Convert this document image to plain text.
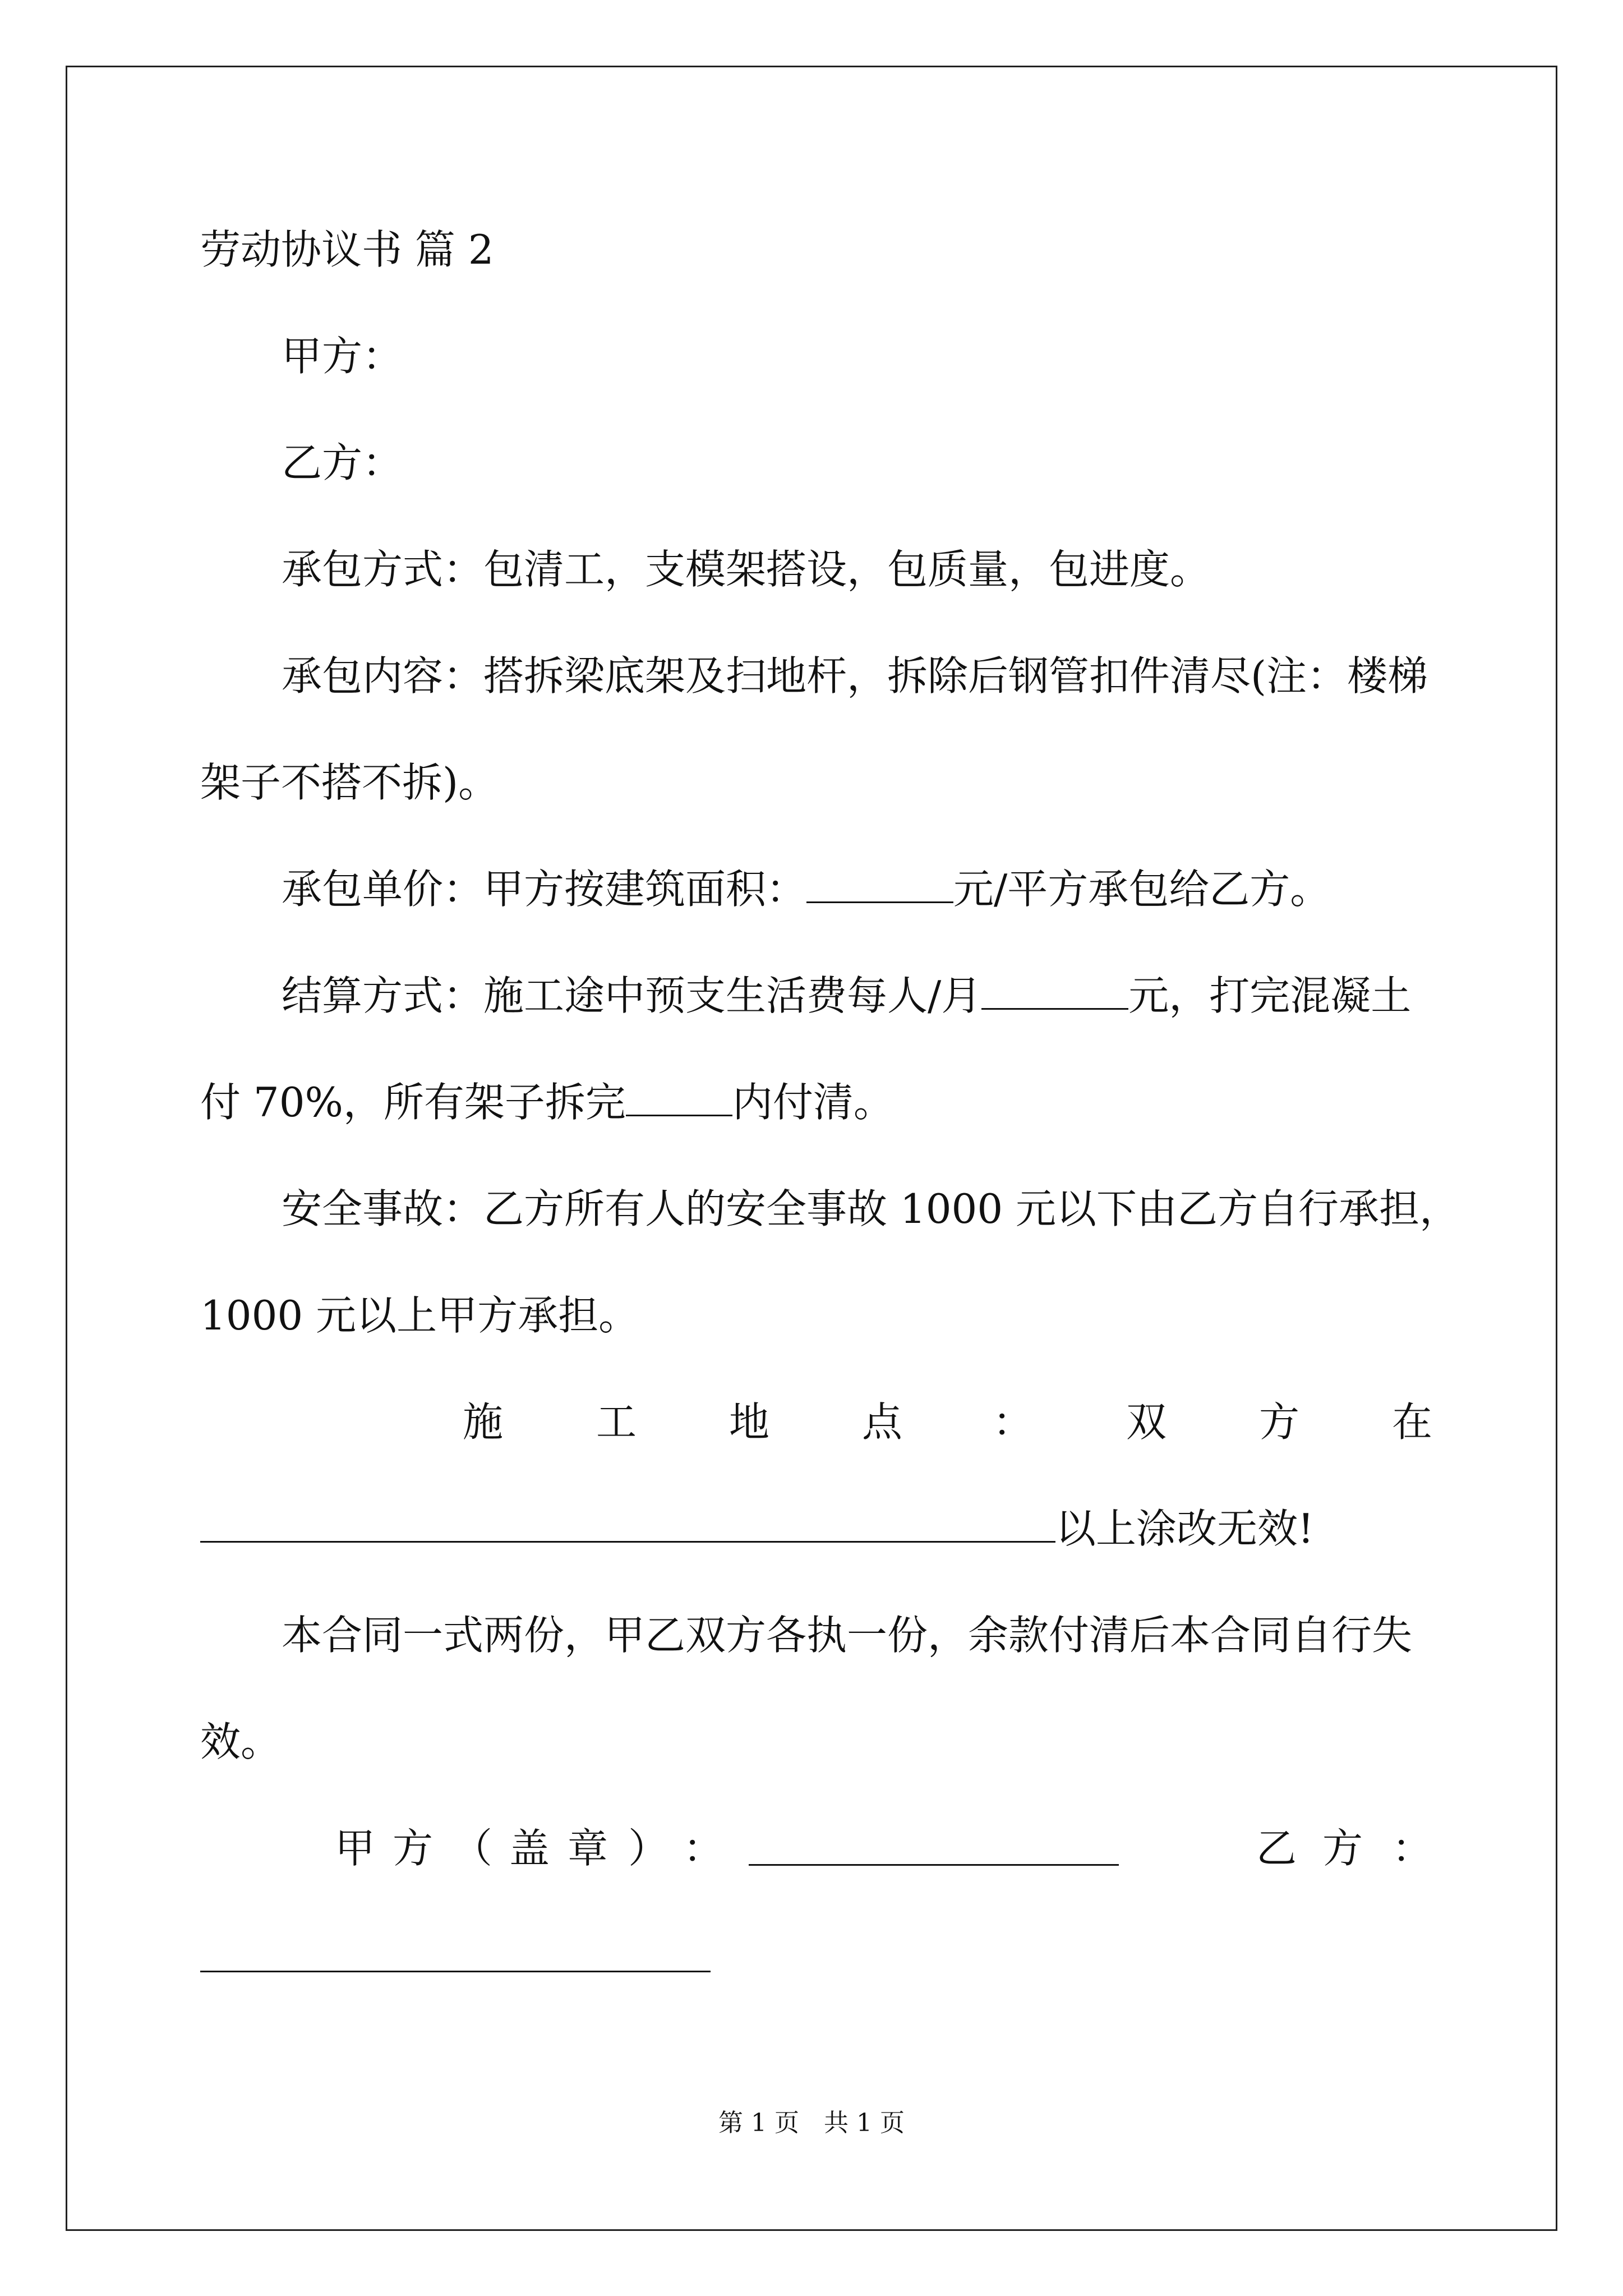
劳动协议书 篇 2
甲方：
乙方：
承包方式：包清工，支模架搭设，包质量，包进度。
承包内容：搭拆梁底架及扫地杆，拆除后钢管扣件清尽(注：楼梯
架子不搭不拆)。
承包单价：甲方按建筑面积：	元/平方承包给乙方。
结算方式：施工途中预支生活费每人/月	元，打完混凝土
付 70%，所有架子拆完	内付清。
安全事故：乙方所有人的安全事故 1000 元以下由乙方自行承担，
1000 元以上甲方承担。
施 工 地 点 ： 双 方 在
以上涂改无效!
本合同一式两份，甲乙双方各执一份，余款付清后本合同自行失
效。
甲 方 （ 盖 章 ） ：	乙 方 ：
第 1 页　共 1 页
